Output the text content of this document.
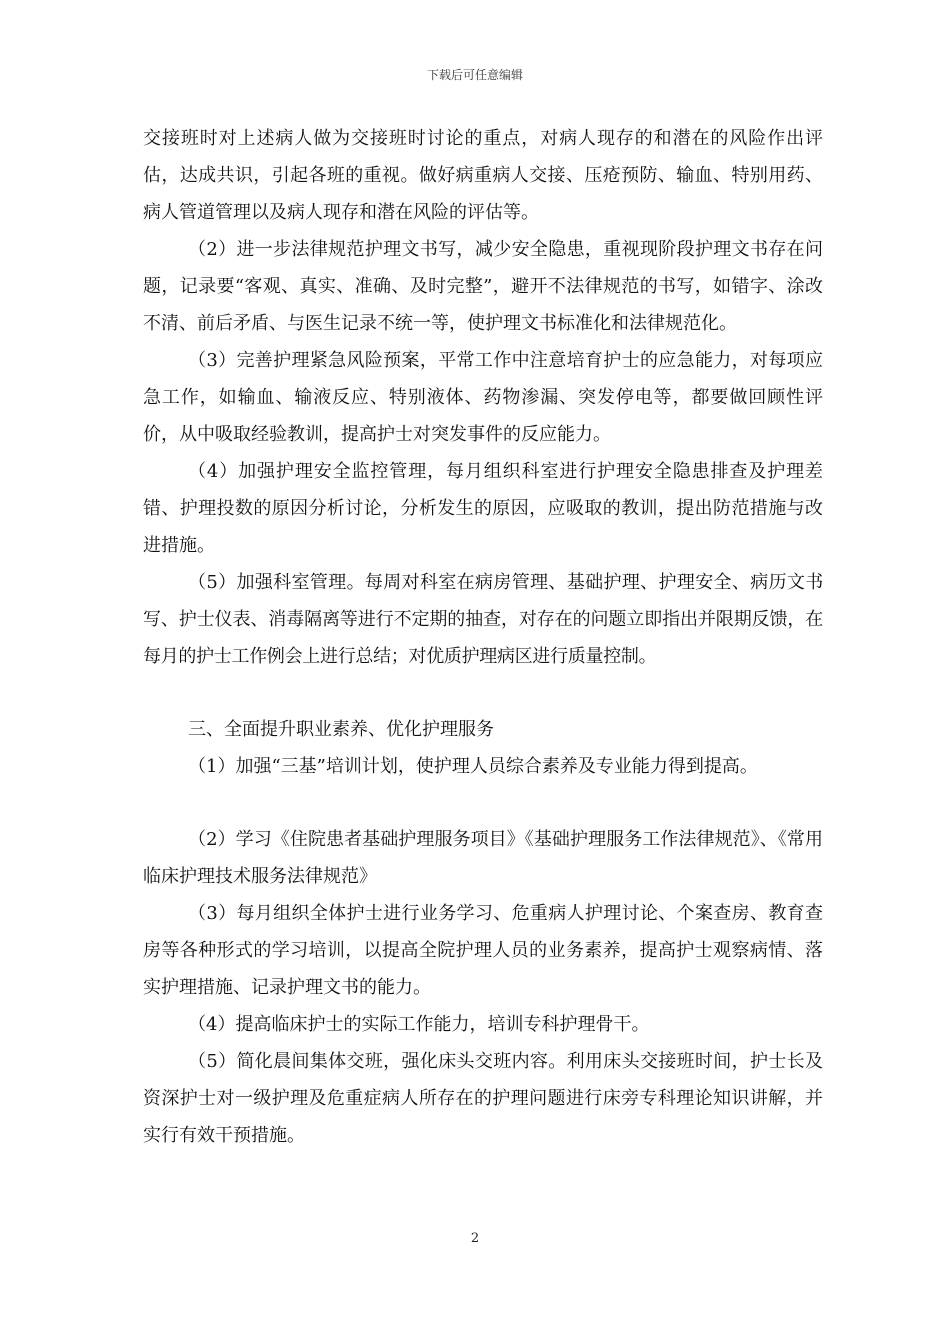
下载后可任意编辑

交接班时对上述病人做为交接班时讨论的重点，对病人现存的和潜在的风险作出评估，达成共识，引起各班的重视。做好病重病人交接、压疮预防、输血、特别用药、病人管道管理以及病人现存和潜在风险的评估等。

（2）进一步法律规范护理文书写，减少安全隐患，重视现阶段护理文书存在问题，记录要“客观、真实、准确、及时完整”，避开不法律规范的书写，如错字、涂改不清、前后矛盾、与医生记录不统一等，使护理文书标准化和法律规范化。

（3）完善护理紧急风险预案，平常工作中注意培育护士的应急能力，对每项应急工作，如输血、输液反应、特别液体、药物渗漏、突发停电等，都要做回顾性评价，从中吸取经验教训，提高护士对突发事件的反应能力。

（4）加强护理安全监控管理，每月组织科室进行护理安全隐患排查及护理差错、护理投数的原因分析讨论，分析发生的原因，应吸取的教训，提出防范措施与改进措施。

（5）加强科室管理。每周对科室在病房管理、基础护理、护理安全、病历文书写、护士仪表、消毒隔离等进行不定期的抽查，对存在的问题立即指出并限期反馈，在每月的护士工作例会上进行总结；对优质护理病区进行质量控制。

三、全面提升职业素养、优化护理服务

（1）加强“三基”培训计划，使护理人员综合素养及专业能力得到提高。

（2）学习《住院患者基础护理服务项目》《基础护理服务工作法律规范》、《常用临床护理技术服务法律规范》

（3）每月组织全体护士进行业务学习、危重病人护理讨论、个案查房、教育查房等各种形式的学习培训，以提高全院护理人员的业务素养，提高护士观察病情、落实护理措施、记录护理文书的能力。

（4）提高临床护士的实际工作能力，培训专科护理骨干。

（5）简化晨间集体交班，强化床头交班内容。利用床头交接班时间，护士长及资深护士对一级护理及危重症病人所存在的护理问题进行床旁专科理论知识讲解，并实行有效干预措施。

2
